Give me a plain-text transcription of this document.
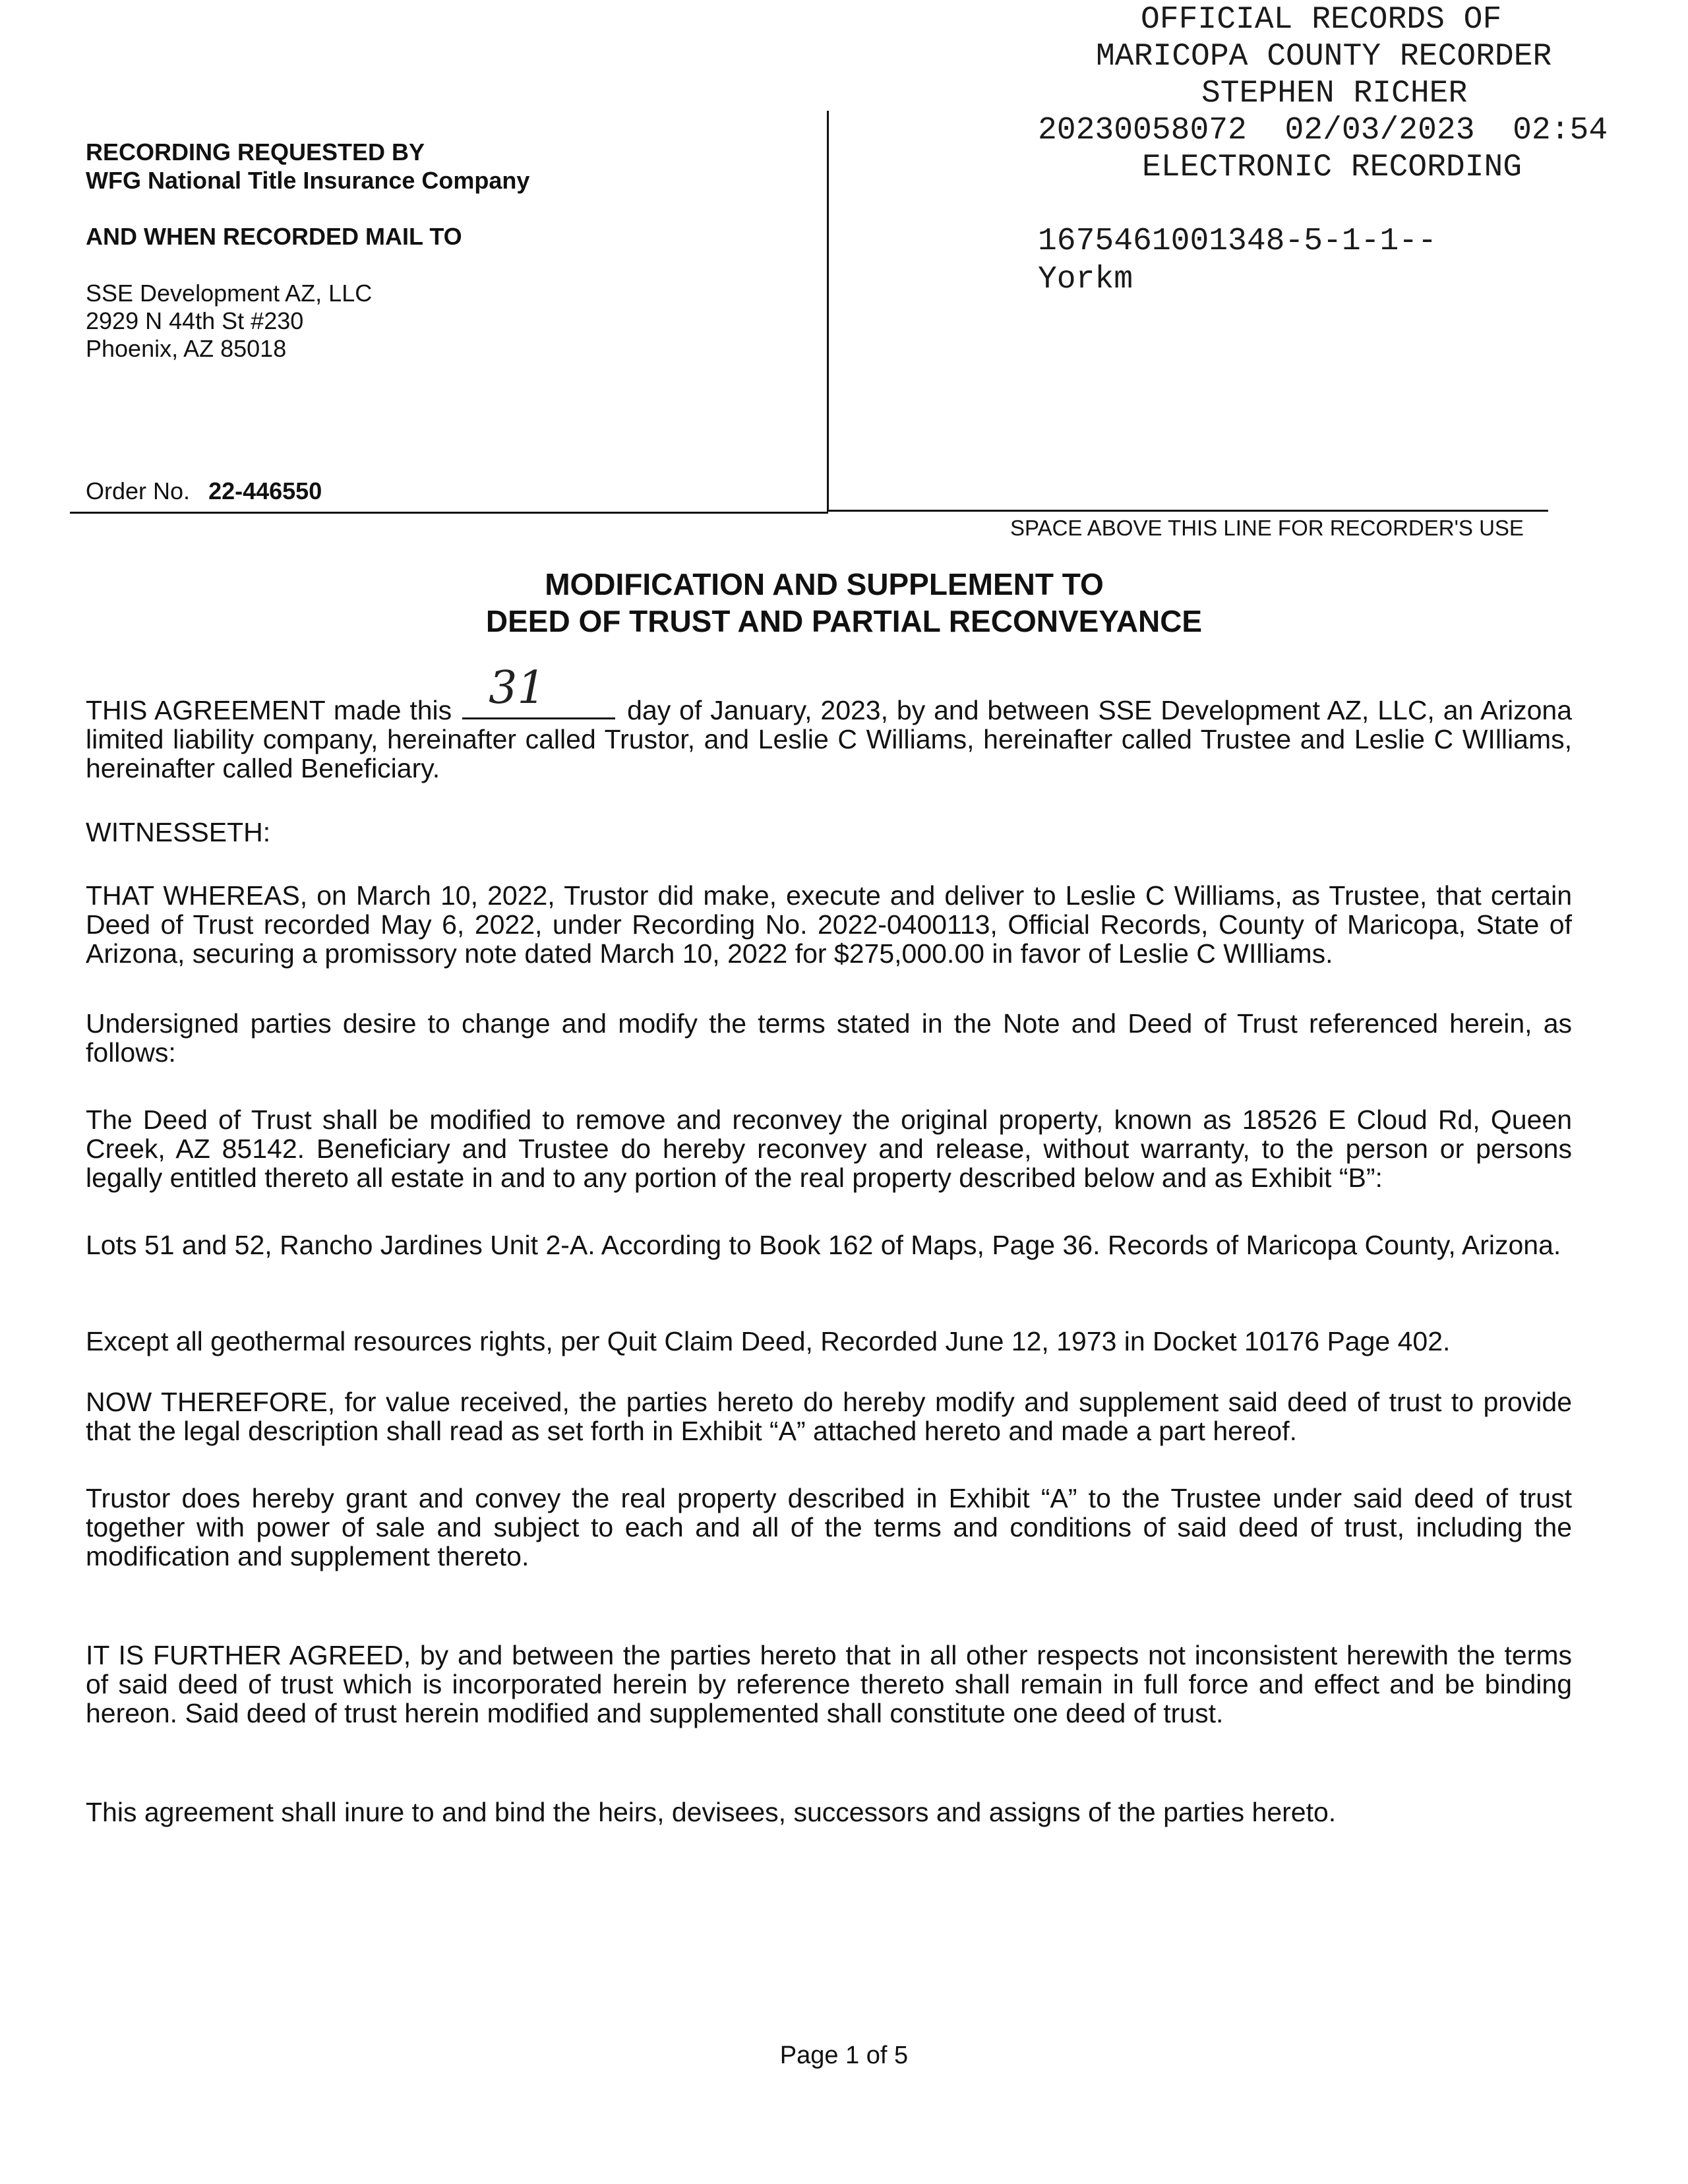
OFFICIAL RECORDS OF

MARICOPA COUNTY RECORDER

STEPHEN RICHER

20230058072  02/03/2023  02:54

ELECTRONIC RECORDING

1675461001348-5-1-1--
Yorkm
RECORDING REQUESTED BY
WFG National Title Insurance Company
AND WHEN RECORDED MAIL TO
SSE Development AZ, LLC
2929 N 44th St #230
Phoenix, AZ 85018
Order No. 22-446550
SPACE ABOVE THIS LINE FOR RECORDER'S USE
MODIFICATION AND SUPPLEMENT TO
DEED OF TRUST AND PARTIAL RECONVEYANCE
THIS AGREEMENT made this 31	day of January, 2023, by and between SSE Development AZ, LLC, an Arizona limited liability company, hereinafter called Trustor, and Leslie C Williams, hereinafter called Trustee and Leslie C WIlliams, hereinafter called Beneficiary.
WITNESSETH:
THAT WHEREAS, on March 10, 2022, Trustor did make, execute and deliver to Leslie C Williams, as Trustee, that certain Deed of Trust recorded May 6, 2022, under Recording No. 2022-0400113, Official Records, County of Maricopa, State of Arizona, securing a promissory note dated March 10, 2022 for $275,000.00 in favor of Leslie C WIlliams.
Undersigned parties desire to change and modify the terms stated in the Note and Deed of Trust referenced herein, as follows:
The Deed of Trust shall be modified to remove and reconvey the original property, known as 18526 E Cloud Rd, Queen Creek, AZ 85142. Beneficiary and Trustee do hereby reconvey and release, without warranty, to the person or persons legally entitled thereto all estate in and to any portion of the real property described below and as Exhibit “B”:
Lots 51 and 52, Rancho Jardines Unit 2-A. According to Book 162 of Maps, Page 36. Records of Maricopa County, Arizona.
Except all geothermal resources rights, per Quit Claim Deed, Recorded June 12, 1973 in Docket 10176 Page 402.
NOW THEREFORE, for value received, the parties hereto do hereby modify and supplement said deed of trust to provide that the legal description shall read as set forth in Exhibit “A” attached hereto and made a part hereof.
Trustor does hereby grant and convey the real property described in Exhibit “A” to the Trustee under said deed of trust together with power of sale and subject to each and all of the terms and conditions of said deed of trust, including the modification and supplement thereto.
IT IS FURTHER AGREED, by and between the parties hereto that in all other respects not inconsistent herewith the terms of said deed of trust which is incorporated herein by reference thereto shall remain in full force and effect and be binding hereon. Said deed of trust herein modified and supplemented shall constitute one deed of trust.
This agreement shall inure to and bind the heirs, devisees, successors and assigns of the parties hereto.
Page 1 of 5
